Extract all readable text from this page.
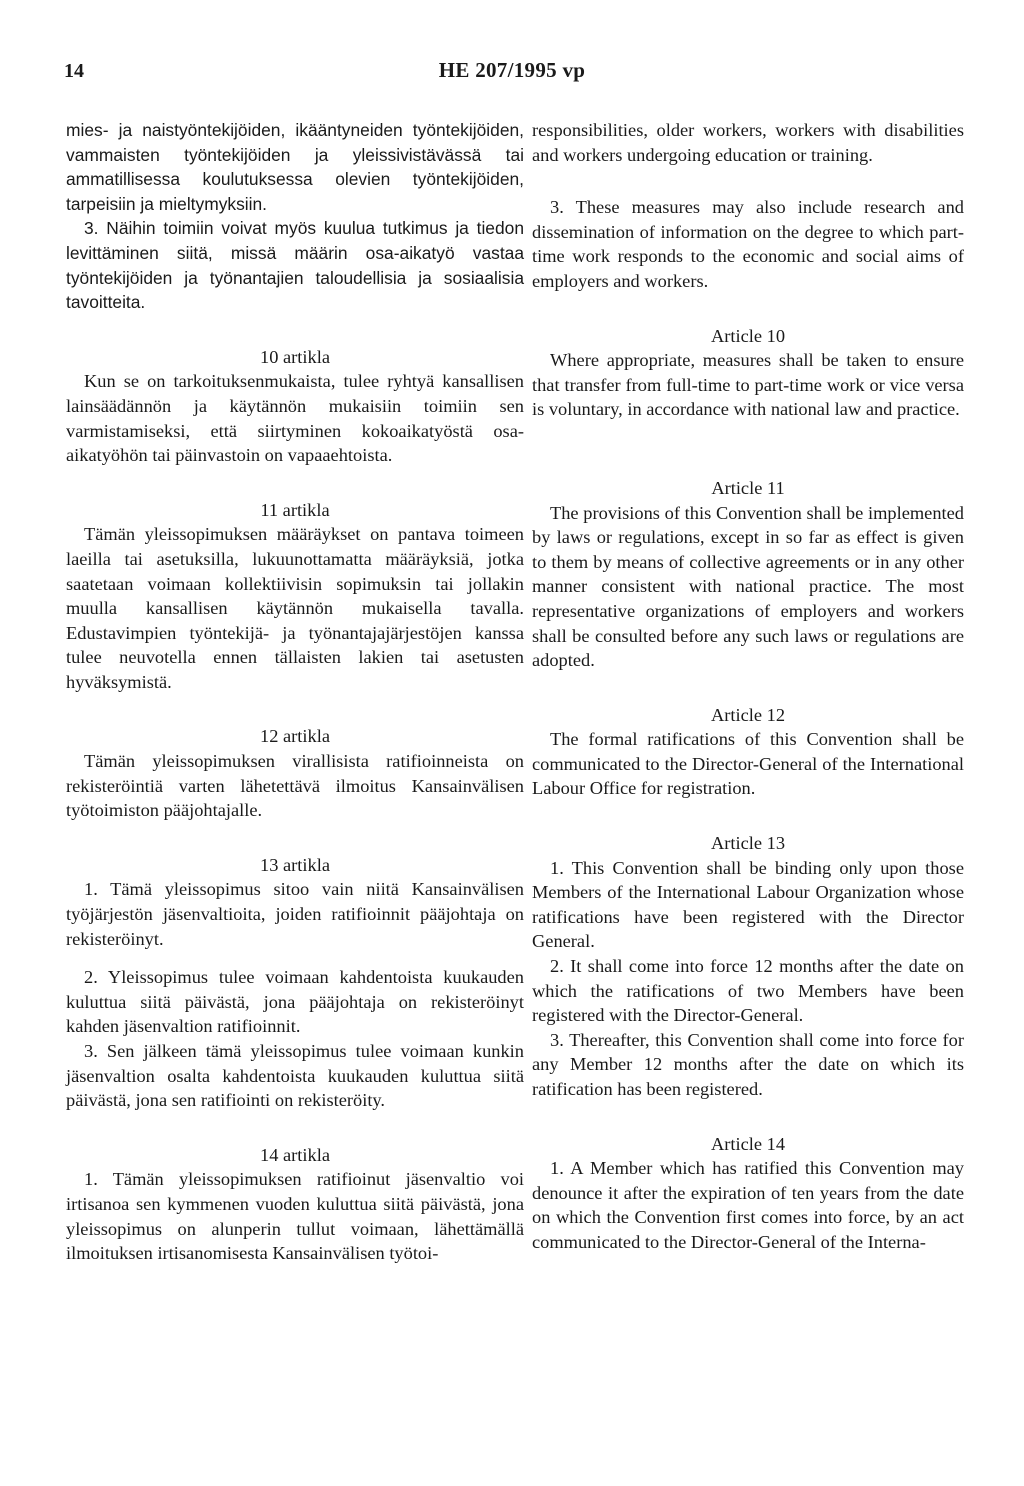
14	HE 207/1995 vp

mies- ja naistyöntekijöiden, ikääntyneiden työntekijöiden, vammaisten työntekijöiden ja yleissivistävässä tai ammatillisessa koulutuksessa olevien työntekijöiden, tarpeisiin ja mieltymyksiin.

3. Näihin toimiin voivat myös kuulua tutkimus ja tiedon levittäminen siitä, missä määrin osa-aikatyö vastaa työntekijöiden ja työnantajien taloudellisia ja sosiaalisia tavoitteita.

10 artikla

Kun se on tarkoituksenmukaista, tulee ryhtyä kansallisen lainsäädännön ja käytännön mukaisiin toimiin sen varmistamiseksi, että siirtyminen kokoaikatyöstä osa-aikatyöhön tai päinvastoin on vapaaehtoista.

11 artikla

Tämän yleissopimuksen määräykset on pantava toimeen laeilla tai asetuksilla, lukuunottamatta määräyksiä, jotka saatetaan voimaan kollektiivisin sopimuksin tai jollakin muulla kansallisen käytännön mukaisella tavalla. Edustavimpien työntekijä- ja työnantajajärjestöjen kanssa tulee neuvotella ennen tällaisten lakien tai asetusten hyväksymistä.

12 artikla

Tämän yleissopimuksen virallisista ratifioinneista on rekisteröintiä varten lähetettävä ilmoitus Kansainvälisen työtoimiston pääjohtajalle.

13 artikla

1. Tämä yleissopimus sitoo vain niitä Kansainvälisen työjärjestön jäsenvaltioita, joiden ratifioinnit pääjohtaja on rekisteröinyt.

2. Yleissopimus tulee voimaan kahdentoista kuukauden kuluttua siitä päivästä, jona pääjohtaja on rekisteröinyt kahden jäsenvaltion ratifioinnit.

3. Sen jälkeen tämä yleissopimus tulee voimaan kunkin jäsenvaltion osalta kahdentoista kuukauden kuluttua siitä päivästä, jona sen ratifiointi on rekisteröity.

14 artikla

1. Tämän yleissopimuksen ratifioinut jäsenvaltio voi irtisanoa sen kymmenen vuoden kuluttua siitä päivästä, jona yleissopimus on alunperin tullut voimaan, lähettämällä ilmoituksen irtisanomisesta Kansainvälisen työtoi-

responsibilities, older workers, workers with disabilities and workers undergoing education or training.

3. These measures may also include research and dissemination of information on the degree to which part-time work responds to the economic and social aims of employers and workers.

Article 10

Where appropriate, measures shall be taken to ensure that transfer from full-time to part-time work or vice versa is voluntary, in accordance with national law and practice.

Article 11

The provisions of this Convention shall be implemented by laws or regulations, except in so far as effect is given to them by means of collective agreements or in any other manner consistent with national practice. The most representative organizations of employers and workers shall be consulted before any such laws or regulations are adopted.

Article 12

The formal ratifications of this Convention shall be communicated to the Director-General of the International Labour Office for registration.

Article 13

1. This Convention shall be binding only upon those Members of the International Labour Organization whose ratifications have been registered with the Director General.

2. It shall come into force 12 months after the date on which the ratifications of two Members have been registered with the Director-General.

3. Thereafter, this Convention shall come into force for any Member 12 months after the date on which its ratification has been registered.

Article 14

1. A Member which has ratified this Convention may denounce it after the expiration of ten years from the date on which the Convention first comes into force, by an act communicated to the Director-General of the Interna-
